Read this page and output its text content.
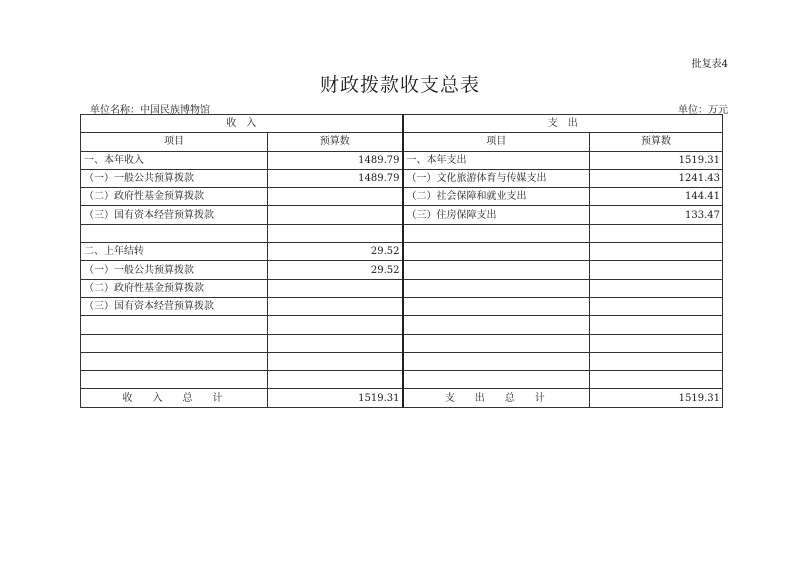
批复表4
财政拨款收支总表
单位名称：中国民族博物馆	单位：万元
收　入		支　出	
项目	预算数	项目	预算数
一、本年收入	1489.79	一、本年支出	1519.31
（一）一般公共预算拨款	1489.79	（一）文化旅游体育与传媒支出	1241.43
（二）政府性基金预算拨款		（二）社会保障和就业支出	144.41
（三）国有资本经营预算拨款		（三）住房保障支出	133.47

二、上年结转	29.52		
（一）一般公共预算拨款	29.52		
（二）政府性基金预算拨款			
（三）国有资本经营预算拨款			

收入总计	1519.31	支出总计	1519.31
